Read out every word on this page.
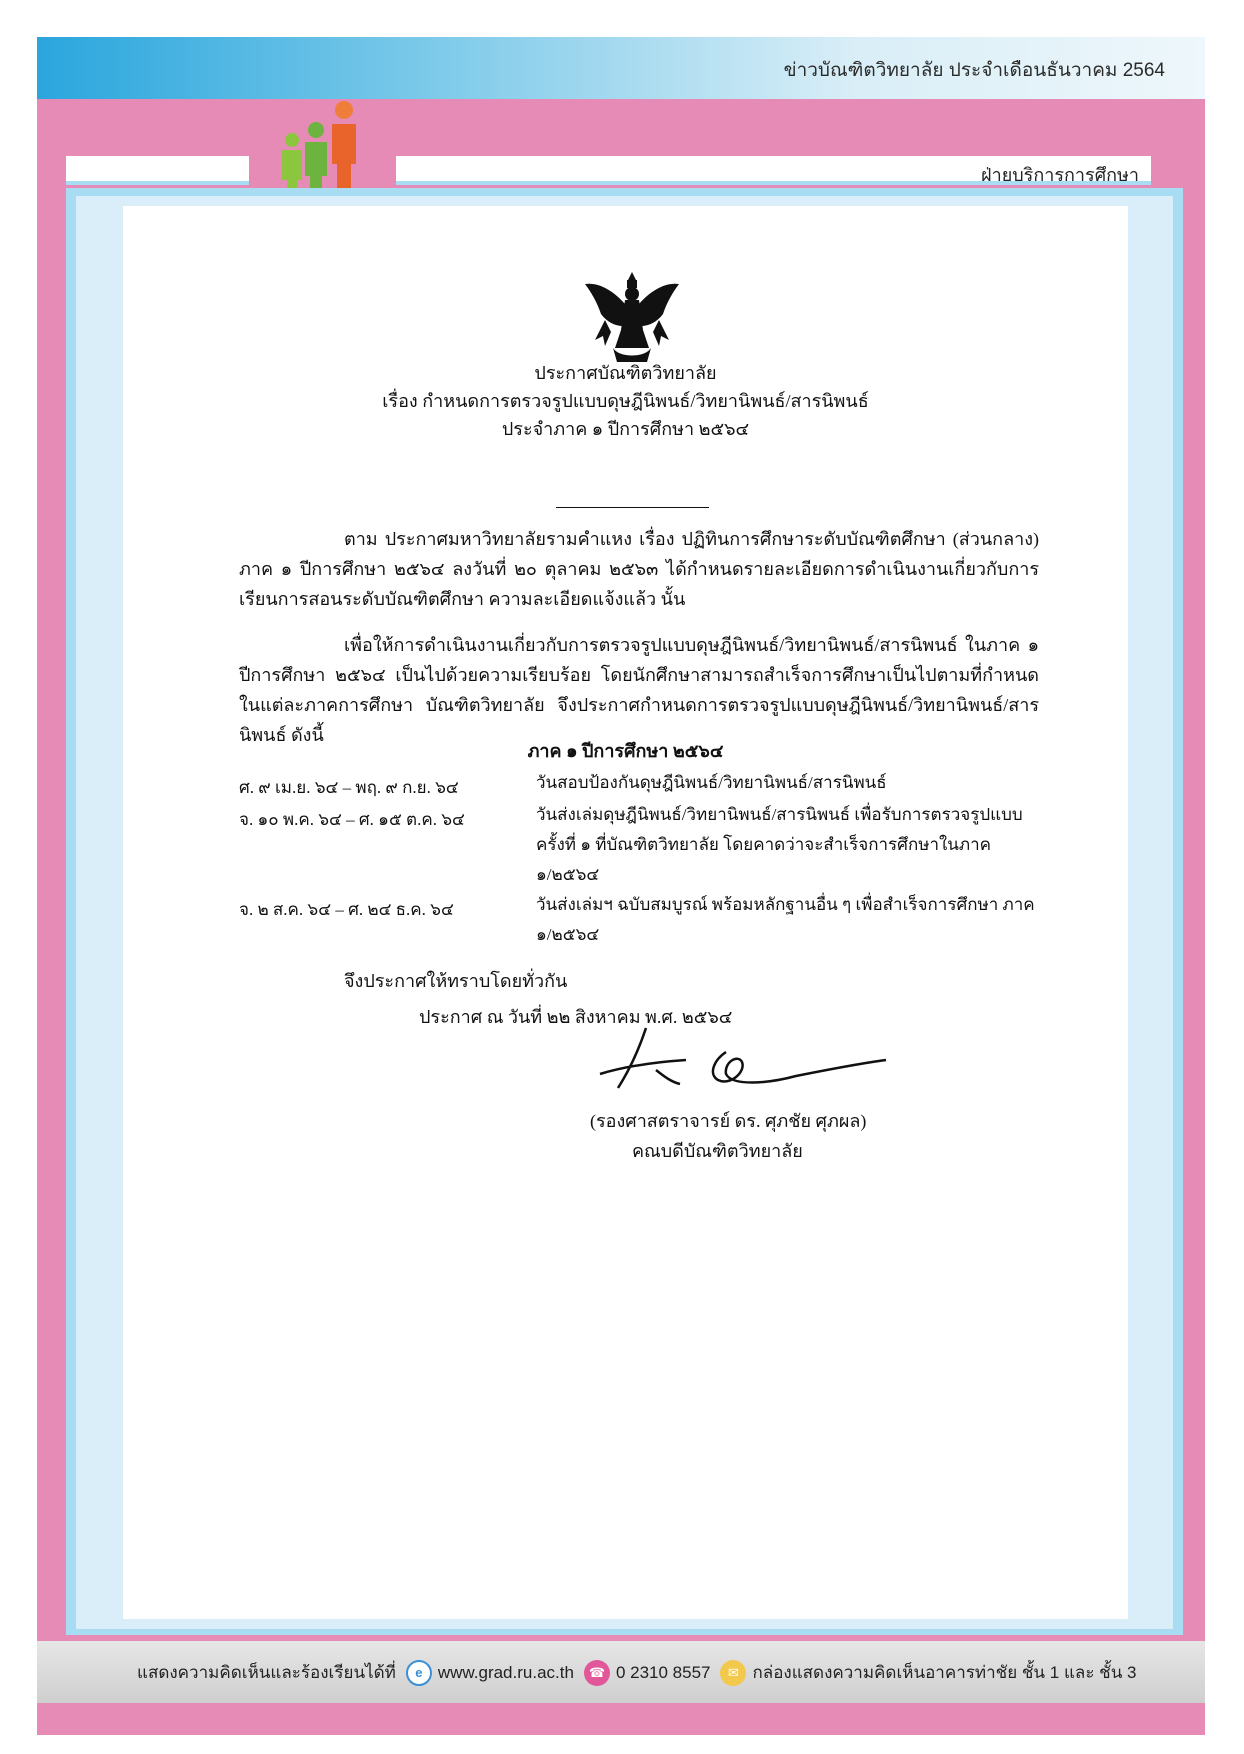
ข่าวบัณฑิตวิทยาลัย ประจำเดือนธันวาคม 2564
ฝ่ายบริการการศึกษา
ประกาศบัณฑิตวิทยาลัย
เรื่อง กำหนดการตรวจรูปแบบดุษฎีนิพนธ์/วิทยานิพนธ์/สารนิพนธ์
ประจำภาค ๑ ปีการศึกษา ๒๕๖๔
ตาม ประกาศมหาวิทยาลัยรามคำแหง เรื่อง ปฏิทินการศึกษาระดับบัณฑิตศึกษา (ส่วนกลาง) ภาค ๑ ปีการศึกษา ๒๕๖๔ ลงวันที่ ๒๐ ตุลาคม ๒๕๖๓ ได้กำหนดรายละเอียดการดำเนินงานเกี่ยวกับการเรียนการสอนระดับบัณฑิตศึกษา ความละเอียดแจ้งแล้ว นั้น
เพื่อให้การดำเนินงานเกี่ยวกับการตรวจรูปแบบดุษฎีนิพนธ์/วิทยานิพนธ์/สารนิพนธ์ ในภาค ๑ ปีการศึกษา ๒๕๖๔ เป็นไปด้วยความเรียบร้อย โดยนักศึกษาสามารถสำเร็จการศึกษาเป็นไปตามที่กำหนดในแต่ละภาคการศึกษา บัณฑิตวิทยาลัย จึงประกาศกำหนดการตรวจรูปแบบดุษฎีนิพนธ์/วิทยานิพนธ์/สารนิพนธ์ ดังนี้
ภาค ๑ ปีการศึกษา ๒๕๖๔
ศ. ๙ เม.ย. ๖๔ – พฤ. ๙ ก.ย. ๖๔	วันสอบป้องกันดุษฎีนิพนธ์/วิทยานิพนธ์/สารนิพนธ์
จ. ๑๐ พ.ค. ๖๔ – ศ. ๑๕ ต.ค. ๖๔	วันส่งเล่มดุษฎีนิพนธ์/วิทยานิพนธ์/สารนิพนธ์ เพื่อรับการตรวจรูปแบบ ครั้งที่ ๑ ที่บัณฑิตวิทยาลัย โดยคาดว่าจะสำเร็จการศึกษาในภาค ๑/๒๕๖๔
จ. ๒ ส.ค. ๖๔ – ศ. ๒๔ ธ.ค. ๖๔	วันส่งเล่มฯ ฉบับสมบูรณ์ พร้อมหลักฐานอื่น ๆ เพื่อสำเร็จการศึกษา ภาค ๑/๒๕๖๔
จึงประกาศให้ทราบโดยทั่วกัน
ประกาศ ณ วันที่ ๒๒ สิงหาคม พ.ศ. ๒๕๖๔
(รองศาสตราจารย์ ดร. ศุภชัย ศุภผล)
คณบดีบัณฑิตวิทยาลัย
แสดงความคิดเห็นและร้องเรียนได้ที่	e www.grad.ru.ac.th	☎ 0 2310 8557	✉ กล่องแสดงความคิดเห็นอาคารท่าชัย ชั้น 1 และ ชั้น 3
